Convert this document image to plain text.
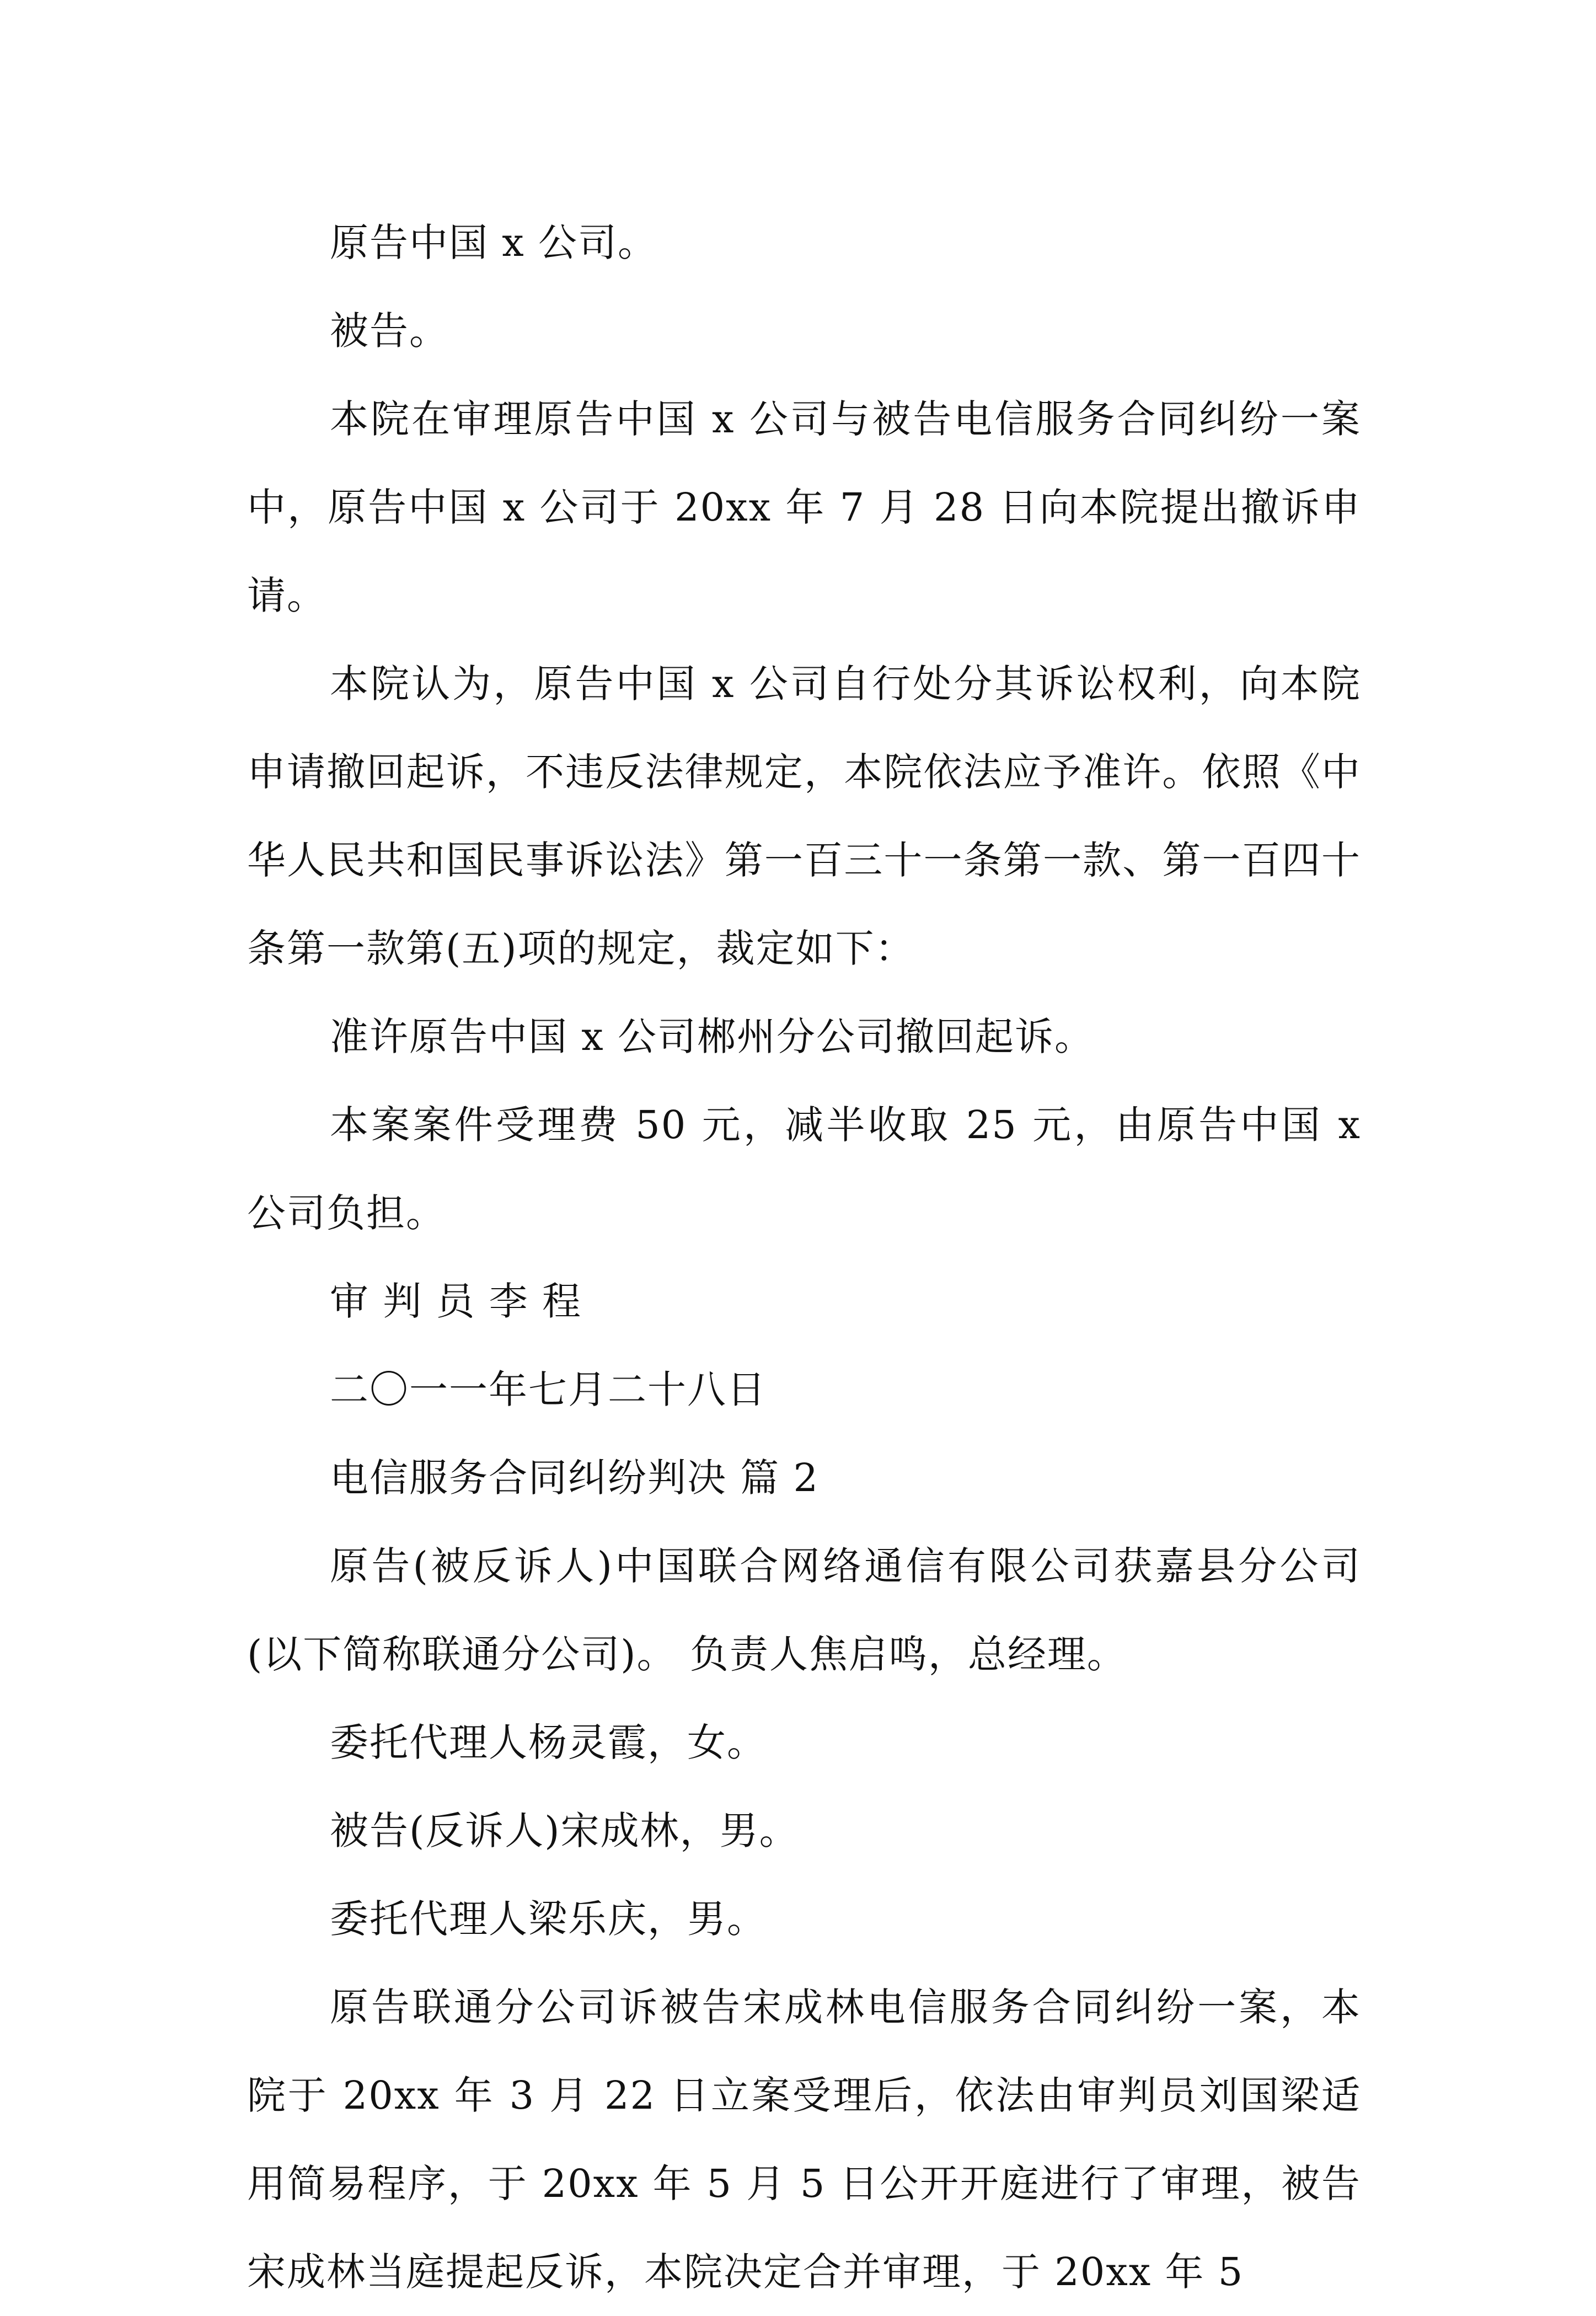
原告中国 x 公司。

被告。

本院在审理原告中国 x 公司与被告电信服务合同纠纷一案中，原告中国 x 公司于 20xx 年 7 月 28 日向本院提出撤诉申请。

本院认为，原告中国 x 公司自行处分其诉讼权利，向本院申请撤回起诉，不违反法律规定，本院依法应予准许。依照《中华人民共和国民事诉讼法》第一百三十一条第一款、第一百四十条第一款第(五)项的规定，裁定如下：

准许原告中国 x 公司郴州分公司撤回起诉。

本案案件受理费 50 元，减半收取 25 元，由原告中国 x 公司负担。

审 判 员 李 程

二〇一一年七月二十八日

电信服务合同纠纷判决 篇 2

原告(被反诉人)中国联合网络通信有限公司获嘉县分公司(以下简称联通分公司)。 负责人焦启鸣，总经理。

委托代理人杨灵霞，女。

被告(反诉人)宋成林，男。

委托代理人梁乐庆，男。

原告联通分公司诉被告宋成林电信服务合同纠纷一案，本院于 20xx 年 3 月 22 日立案受理后，依法由审判员刘国梁适用简易程序，于 20xx 年 5 月 5 日公开开庭进行了审理，被告宋成林当庭提起反诉，本院决定合并审理，于 20xx 年 5
